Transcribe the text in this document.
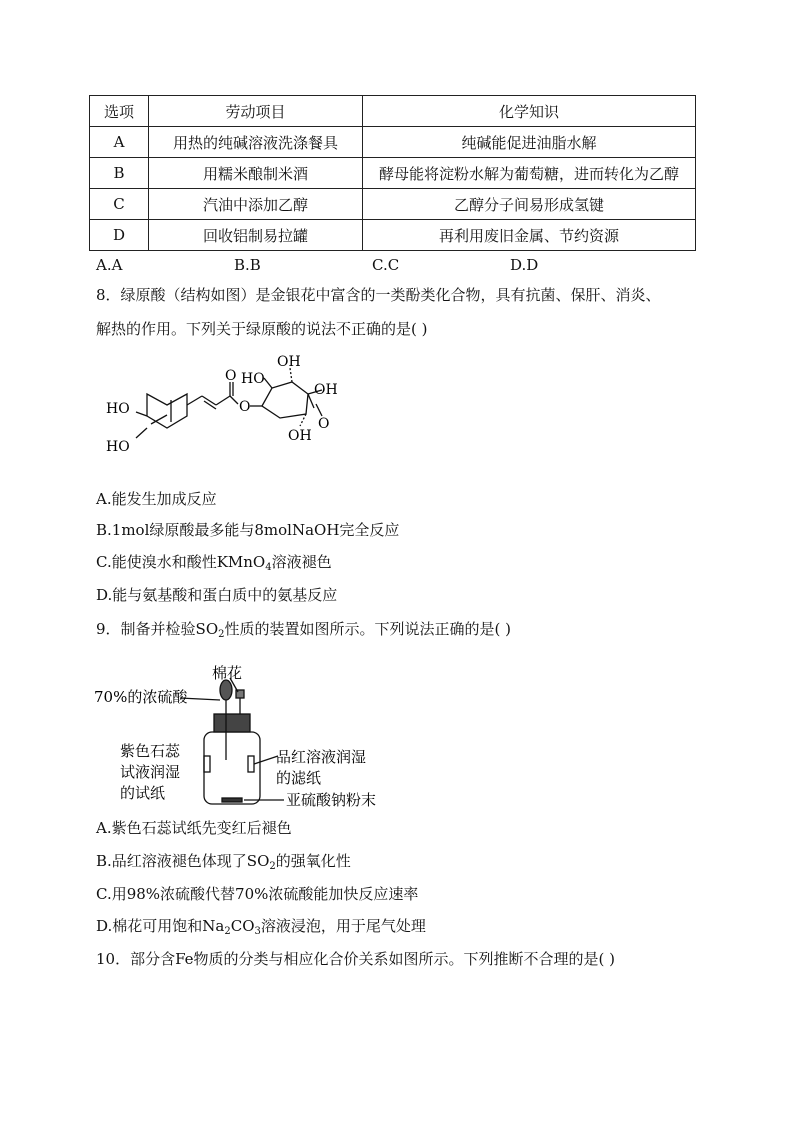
选项	劳动项目	化学知识
A	用热的纯碱溶液洗涤餐具	纯碱能促进油脂水解
B	用糯米酿制米酒	酵母能将淀粉水解为葡萄糖，进而转化为乙醇
C	汽油中添加乙醇	乙醇分子间易形成氢键
D	回收铝制易拉罐	再利用废旧金属、节约资源
A.A	B.B	C.C	D.D
8．绿原酸（结构如图）是金银花中富含的一类酚类化合物，具有抗菌、保肝、消炎、
解热的作用。下列关于绿原酸的说法不正确的是( )
HO
HO
O
O
HO
OH
OH
O
OH
A.能发生加成反应
B.1mol绿原酸最多能与8molNaOH完全反应
C.能使溴水和酸性KMnO$_4$溶液褪色
D.能与氨基酸和蛋白质中的氨基反应
9．制备并检验$SO_2$性质的装置如图所示。下列说法正确的是( )
棉花
70%的浓硫酸
紫色石蕊
试液润湿
的试纸
品红溶液润湿
的滤纸
亚硫酸钠粉末
A.紫色石蕊试纸先变红后褪色
B.品红溶液褪色体现了$SO_2$的强氧化性
C.用98%浓硫酸代替70%浓硫酸能加快反应速率
D.棉花可用饱和$Na_2CO_3$溶液浸泡，用于尾气处理
10．部分含Fe物质的分类与相应化合价关系如图所示。下列推断不合理的是( )
